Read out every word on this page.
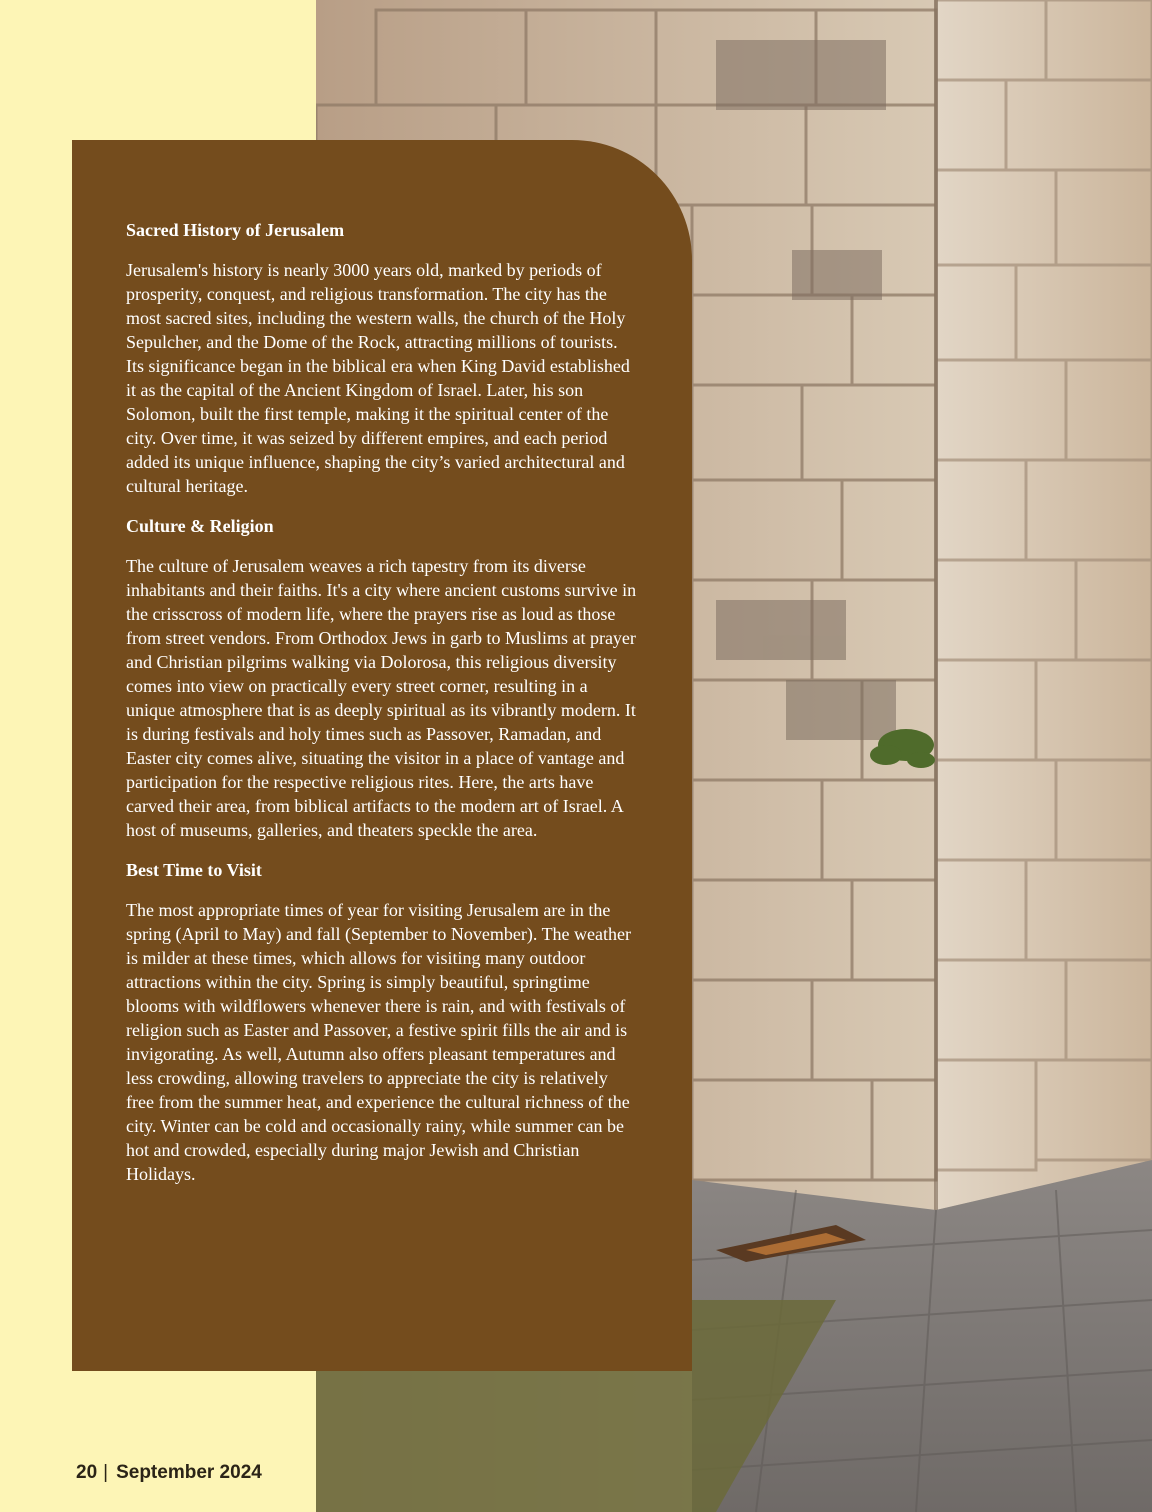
Sacred History of Jerusalem

Jerusalem's history is nearly 3000 years old, marked by periods of prosperity, conquest, and religious transformation. The city has the most sacred sites, including the western walls, the church of the Holy Sepulcher, and the Dome of the Rock, attracting millions of tourists. Its significance began in the biblical era when King David established it as the capital of the Ancient Kingdom of Israel. Later, his son Solomon, built the first temple, making it the spiritual center of the city. Over time, it was seized by different empires, and each period added its unique influence, shaping the city’s varied architectural and cultural heritage.

Culture & Religion

The culture of Jerusalem weaves a rich tapestry from its diverse inhabitants and their faiths. It's a city where ancient customs survive in the crisscross of modern life, where the prayers rise as loud as those from street vendors. From Orthodox Jews in garb to Muslims at prayer and Christian pilgrims walking via Dolorosa, this religious diversity comes into view on practically every street corner, resulting in a unique atmosphere that is as deeply spiritual as its vibrantly modern. It is during festivals and holy times such as Passover, Ramadan, and Easter city comes alive, situating the visitor in a place of vantage and participation for the respective religious rites. Here, the arts have carved their area, from biblical artifacts to the modern art of Israel. A host of museums, galleries, and theaters speckle the area.

Best Time to Visit

The most appropriate times of year for visiting Jerusalem are in the spring (April to May) and fall (September to November). The weather is milder at these times, which allows for visiting many outdoor attractions within the city. Spring is simply beautiful, springtime blooms with wildflowers whenever there is rain, and with festivals of religion such as Easter and Passover, a festive spirit fills the air and is invigorating. As well, Autumn also offers pleasant temperatures and less crowding, allowing travelers to appreciate the city is relatively free from the summer heat, and experience the cultural richness of the city. Winter can be cold and occasionally rainy, while summer can be hot and crowded, especially during major Jewish and Christian Holidays.

20 | September 2024
